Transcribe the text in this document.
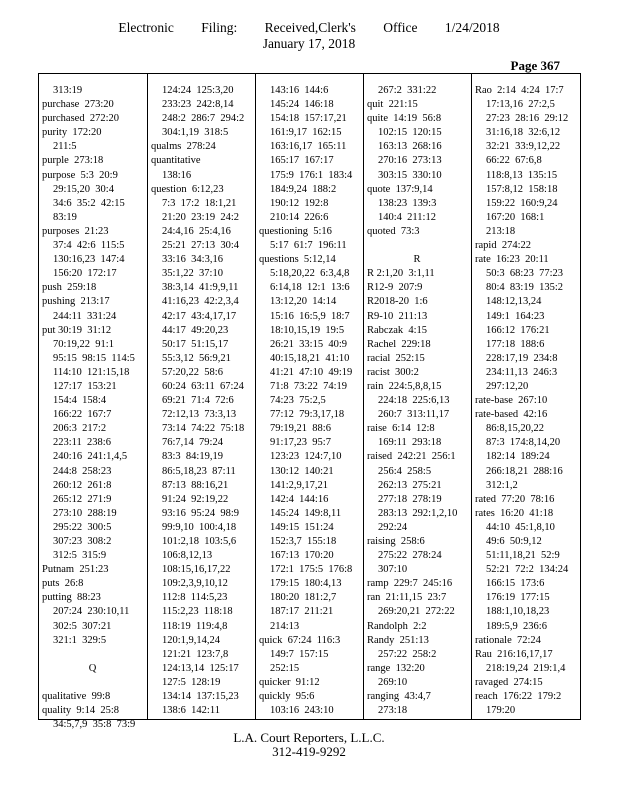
Electronic Filing: Received,Clerk's Office 1/24/2018
January 17, 2018
Page 367
313:19
purchase  273:20
purchased  272:20
purity  172:20
211:5
purple  273:18
purpose  5:3  20:9
29:15,20  30:4
34:6  35:2  42:15
83:19
purposes  21:23
37:4  42:6  115:5
130:16,23  147:4
156:20  172:17
push  259:18
pushing  213:17
244:11  331:24
put 30:19  31:12
70:19,22  91:1
95:15  98:15  114:5
114:10  121:15,18
127:17  153:21
154:4  158:4
166:22  167:7
206:3  217:2
223:11  238:6
240:16  241:1,4,5
244:8  258:23
260:12  261:8
265:12  271:9
273:10  288:19
295:22  300:5
307:23  308:2
312:5  315:9
Putnam  251:23
puts  26:8
putting  88:23
207:24  230:10,11
302:5  307:21
321:1  329:5
Q
qualitative  99:8
quality  9:14  25:8
34:5,7,9  35:8  73:9
124:24  125:3,20
233:23  242:8,14
248:2  286:7  294:2
304:1,19  318:5
qualms  278:24
quantitative
138:16
question  6:12,23
7:3  17:2  18:1,21
21:20  23:19  24:2
24:4,16  25:4,16
25:21  27:13  30:4
33:16  34:3,16
35:1,22  37:10
38:3,14  41:9,9,11
41:16,23  42:2,3,4
42:17  43:4,17,17
44:17  49:20,23
50:17  51:15,17
55:3,12  56:9,21
57:20,22  58:6
60:24  63:11  67:24
69:21  71:4  72:6
72:12,13  73:3,13
73:14  74:22  75:18
76:7,14  79:24
83:3  84:19,19
86:5,18,23  87:11
87:13  88:16,21
91:24  92:19,22
93:16  95:24  98:9
99:9,10  100:4,18
101:2,18  103:5,6
106:8,12,13
108:15,16,17,22
109:2,3,9,10,12
112:8  114:5,23
115:2,23  118:18
118:19  119:4,8
120:1,9,14,24
121:21  123:7,8
124:13,14  125:17
127:5  128:19
134:14  137:15,23
138:6  142:11
143:16  144:6
145:24  146:18
154:18  157:17,21
161:9,17  162:15
163:16,17  165:11
165:17  167:17
175:9  176:1  183:4
184:9,24  188:2
190:12  192:8
210:14  226:6
questioning  5:16
5:17  61:7  196:11
questions  5:12,14
5:18,20,22  6:3,4,8
6:14,18  12:1  13:6
13:12,20  14:14
15:16  16:5,9  18:7
18:10,15,19  19:5
26:21  33:15  40:9
40:15,18,21  41:10
41:21  47:10  49:19
71:8  73:22  74:19
74:23  75:2,5
77:12  79:3,17,18
79:19,21  88:6
91:17,23  95:7
123:23  124:7,10
130:12  140:21
141:2,9,17,21
142:4  144:16
145:24  149:8,11
149:15  151:24
152:3,7  155:18
167:13  170:20
172:1  175:5  176:8
179:15  180:4,13
180:20  181:2,7
187:17  211:21
214:13
quick  67:24  116:3
149:7  157:15
252:15
quicker  91:12
quickly  95:6
103:16  243:10
267:2  331:22
quit  221:15
quite  14:19  56:8
102:15  120:15
163:13  268:16
270:16  273:13
303:15  330:10
quote  137:9,14
138:23  139:3
140:4  211:12
quoted  73:3
R
R 2:1,20  3:1,11
R12-9  207:9
R2018-20  1:6
R9-10  211:13
Rabczak  4:15
Rachel  229:18
racial  252:15
racist  300:2
rain  224:5,8,8,15
224:18  225:6,13
260:7  313:11,17
raise  6:14  12:8
169:11  293:18
raised  242:21  256:1
256:4  258:5
262:13  275:21
277:18  278:19
283:13  292:1,2,10
292:24
raising  258:6
275:22  278:24
307:10
ramp  229:7  245:16
ran  21:11,15  23:7
269:20,21  272:22
Randolph  2:2
Randy  251:13
257:22  258:2
range  132:20
269:10
ranging  43:4,7
273:18
Rao  2:14  4:24  17:7
17:13,16  27:2,5
27:23  28:16  29:12
31:16,18  32:6,12
32:21  33:9,12,22
66:22  67:6,8
118:8,13  135:15
157:8,12  158:18
159:22  160:9,24
167:20  168:1
213:18
rapid  274:22
rate  16:23  20:11
50:3  68:23  77:23
80:4  83:19  135:2
148:12,13,24
149:1  164:23
166:12  176:21
177:18  188:6
228:17,19  234:8
234:11,13  246:3
297:12,20
rate-base  267:10
rate-based  42:16
86:8,15,20,22
87:3  174:8,14,20
182:14  189:24
266:18,21  288:16
312:1,2
rated  77:20  78:16
rates  16:20  41:18
44:10  45:1,8,10
49:6  50:9,12
51:11,18,21  52:9
52:21  72:2  134:24
166:15  173:6
176:19  177:15
188:1,10,18,23
189:5,9  236:6
rationale  72:24
Rau  216:16,17,17
218:19,24  219:1,4
ravaged  274:15
reach  176:22  179:2
179:20
L.A. Court Reporters, L.L.C.
312-419-9292
